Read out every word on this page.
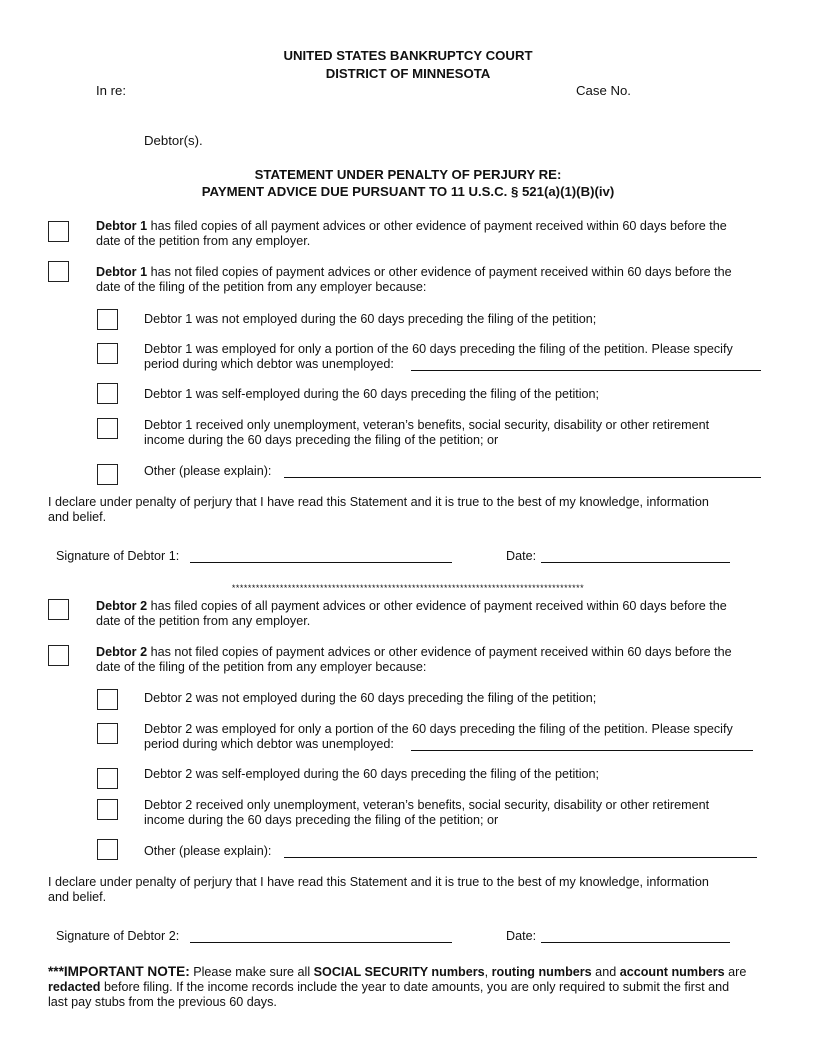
UNITED STATES BANKRUPTCY COURT
DISTRICT OF MINNESOTA
In re:	Case No.
Debtor(s).
STATEMENT UNDER PENALTY OF PERJURY RE:
PAYMENT ADVICE DUE PURSUANT TO 11 U.S.C. § 521(a)(1)(B)(iv)
Debtor 1 has filed copies of all payment advices or other evidence of payment received within 60 days before the
date of the petition from any employer.
Debtor 1 has not filed copies of payment advices or other evidence of payment received within 60 days before the
date of the filing of the petition from any employer because:
Debtor 1 was not employed during the 60 days preceding the filing of the petition;
Debtor 1 was employed for only a portion of the 60 days preceding the filing of the petition. Please specify
period during which debtor was unemployed:
Debtor 1 was self-employed during the 60 days preceding the filing of the petition;
Debtor 1 received only unemployment, veteran’s benefits, social security, disability or other retirement
income during the 60 days preceding the filing of the petition; or
Other (please explain):
I declare under penalty of perjury that I have read this Statement and it is true to the best of my knowledge, information
and belief.
Signature of Debtor 1:	Date:
****************************************************************************************
Debtor 2 has filed copies of all payment advices or other evidence of payment received within 60 days before the
date of the petition from any employer.
Debtor 2 has not filed copies of payment advices or other evidence of payment received within 60 days before the
date of the filing of the petition from any employer because:
Debtor 2 was not employed during the 60 days preceding the filing of the petition;
Debtor 2 was employed for only a portion of the 60 days preceding the filing of the petition. Please specify
period during which debtor was unemployed:
Debtor 2 was self-employed during the 60 days preceding the filing of the petition;
Debtor 2 received only unemployment, veteran’s benefits, social security, disability or other retirement
income during the 60 days preceding the filing of the petition; or
Other (please explain):
I declare under penalty of perjury that I have read this Statement and it is true to the best of my knowledge, information
and belief.
Signature of Debtor 2:	Date:
***IMPORTANT NOTE: Please make sure all SOCIAL SECURITY numbers, routing numbers and account numbers are redacted before filing. If the income records include the year to date amounts, you are only required to submit the first and last pay stubs from the previous 60 days.
